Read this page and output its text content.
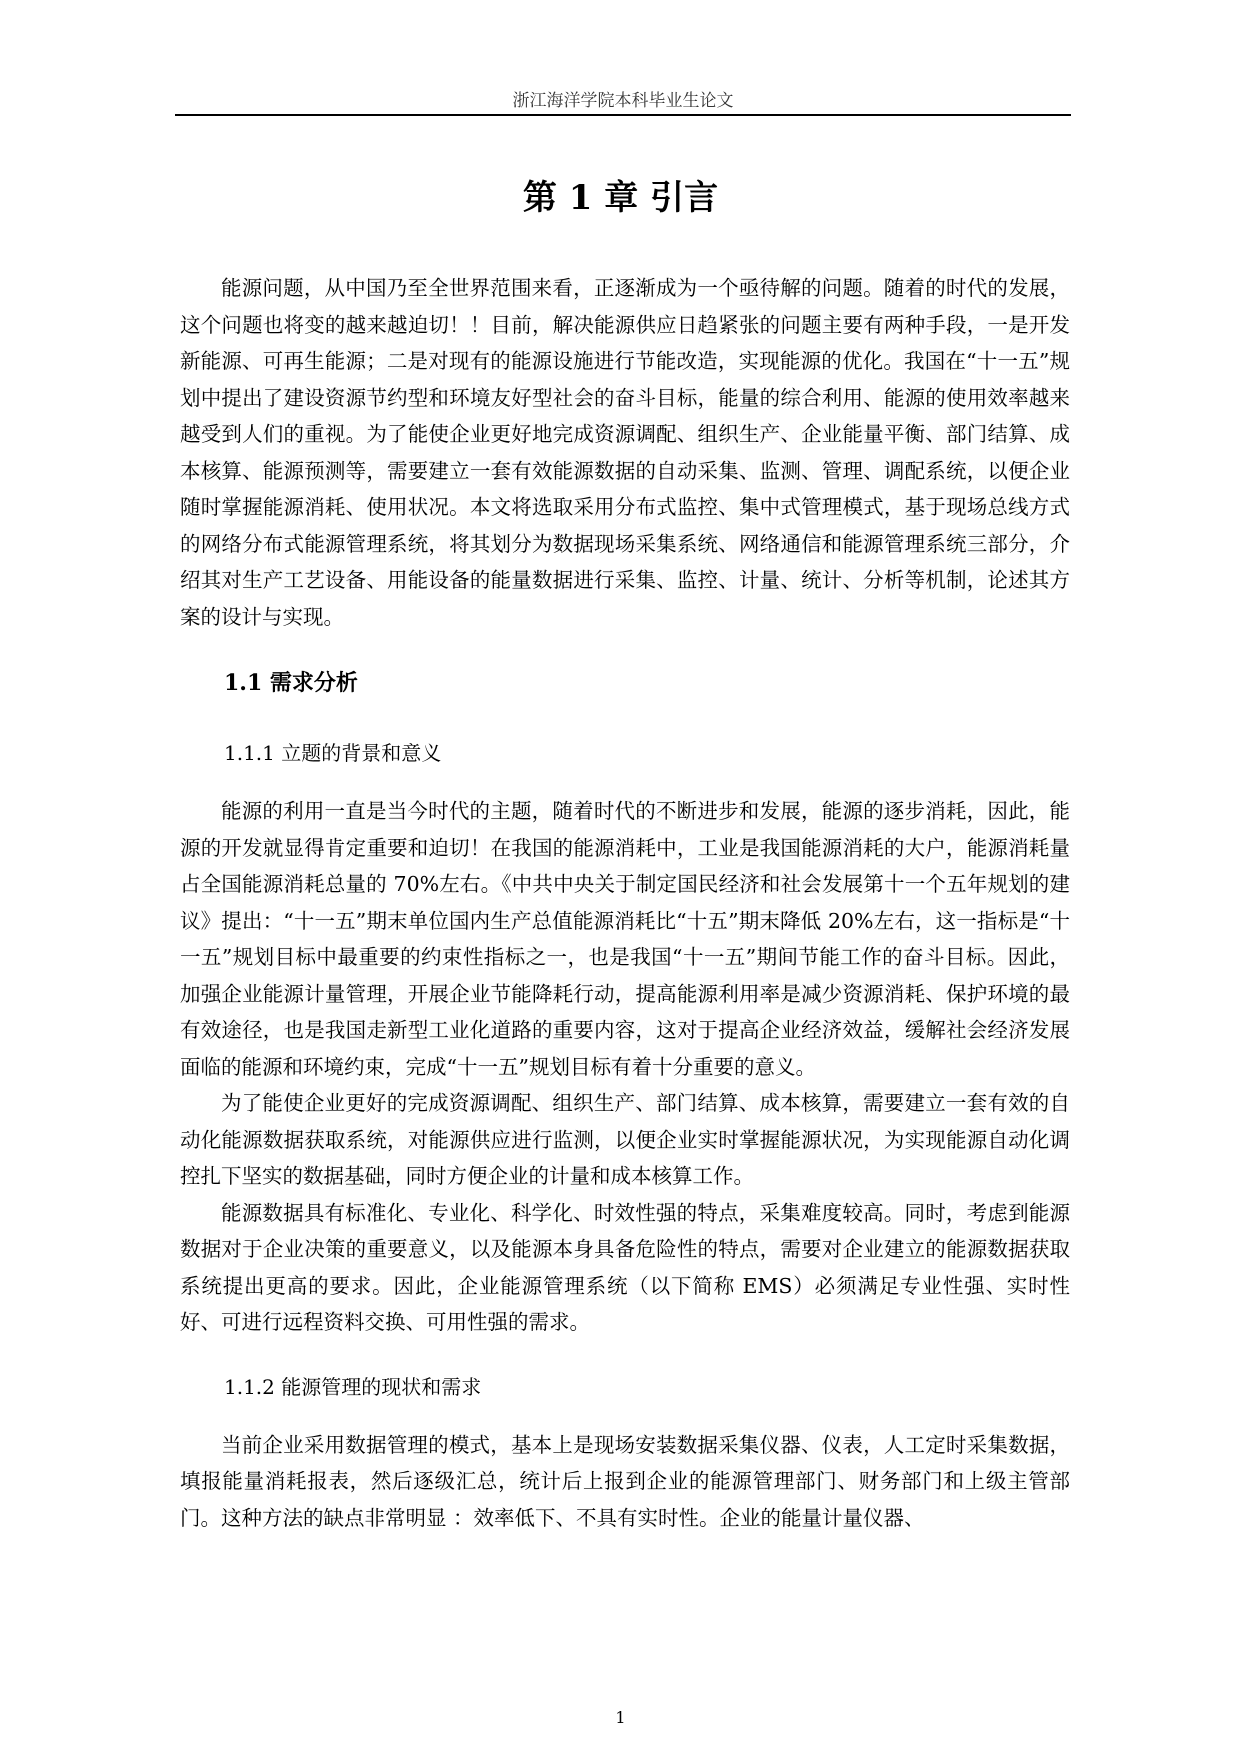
浙江海洋学院本科毕业生论文
第 1 章 引言

能源问题，从中国乃至全世界范围来看，正逐渐成为一个亟待解的问题。随着的时代的发展，这个问题也将变的越来越迫切！！目前，解决能源供应日趋紧张的问题主要有两种手段，一是开发新能源、可再生能源；二是对现有的能源设施进行节能改造，实现能源的优化。我国在“十一五”规划中提出了建设资源节约型和环境友好型社会的奋斗目标，能量的综合利用、能源的使用效率越来越受到人们的重视。为了能使企业更好地完成资源调配、组织生产、企业能量平衡、部门结算、成本核算、能源预测等，需要建立一套有效能源数据的自动采集、监测、管理、调配系统，以便企业随时掌握能源消耗、使用状况。本文将选取采用分布式监控、集中式管理模式，基于现场总线方式的网络分布式能源管理系统，将其划分为数据现场采集系统、网络通信和能源管理系统三部分，介绍其对生产工艺设备、用能设备的能量数据进行采集、监控、计量、统计、分析等机制，论述其方案的设计与实现。

1.1 需求分析
1.1.1 立题的背景和意义

能源的利用一直是当今时代的主题，随着时代的不断进步和发展，能源的逐步消耗，因此，能源的开发就显得肯定重要和迫切！在我国的能源消耗中，工业是我国能源消耗的大户，能源消耗量占全国能源消耗总量的 70%左右。《中共中央关于制定国民经济和社会发展第十一个五年规划的建议》提出：“十一五”期末单位国内生产总值能源消耗比“十五”期末降低 20%左右，这一指标是“十一五”规划目标中最重要的约束性指标之一，也是我国“十一五”期间节能工作的奋斗目标。因此，加强企业能源计量管理，开展企业节能降耗行动，提高能源利用率是减少资源消耗、保护环境的最有效途径，也是我国走新型工业化道路的重要内容，这对于提高企业经济效益，缓解社会经济发展面临的能源和环境约束，完成“十一五”规划目标有着十分重要的意义。

为了能使企业更好的完成资源调配、组织生产、部门结算、成本核算，需要建立一套有效的自动化能源数据获取系统，对能源供应进行监测，以便企业实时掌握能源状况，为实现能源自动化调控扎下坚实的数据基础，同时方便企业的计量和成本核算工作。

能源数据具有标准化、专业化、科学化、时效性强的特点，采集难度较高。同时，考虑到能源数据对于企业决策的重要意义，以及能源本身具备危险性的特点，需要对企业建立的能源数据获取系统提出更高的要求。因此，企业能源管理系统（以下简称 EMS）必须满足专业性强、实时性好、可进行远程资料交换、可用性强的需求。

1.1.2 能源管理的现状和需求

当前企业采用数据管理的模式，基本上是现场安装数据采集仪器、仪表，人工定时采集数据，填报能量消耗报表，然后逐级汇总，统计后上报到企业的能源管理部门、财务部门和上级主管部门。这种方法的缺点非常明显 ：效率低下、不具有实时性。企业的能量计量仪器、

1
